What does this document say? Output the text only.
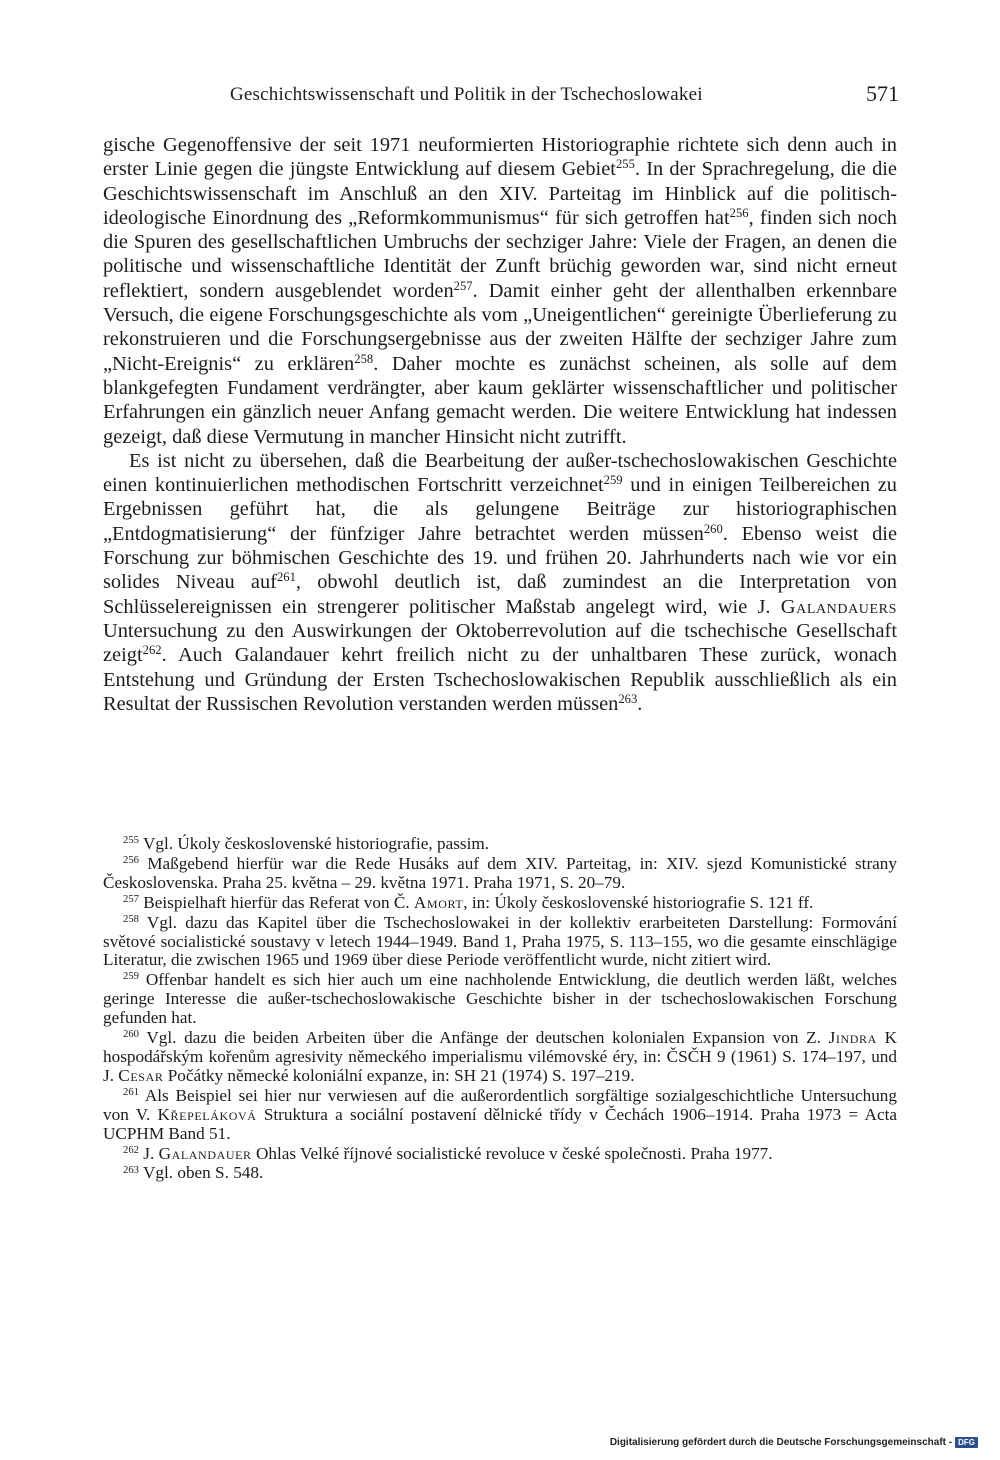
Geschichtswissenschaft und Politik in der Tschechoslowakei	571

gische Gegenoffensive der seit 1971 neuformierten Historiographie richtete sich denn auch in erster Linie gegen die jüngste Entwicklung auf diesem Gebiet$^{255}$. In der Sprachregelung, die die Geschichtswissenschaft im Anschluß an den XIV. Parteitag im Hinblick auf die politisch-ideologische Einordnung des „Reformkommunismus“ für sich getroffen hat$^{256}$, finden sich noch die Spuren des gesellschaftlichen Umbruchs der sechziger Jahre: Viele der Fragen, an denen die politische und wissenschaftliche Identität der Zunft brüchig geworden war, sind nicht erneut reflektiert, sondern ausgeblendet worden$^{257}$. Damit einher geht der allenthalben erkennbare Versuch, die eigene Forschungsgeschichte als vom „Uneigentlichen“ gereinigte Überlieferung zu rekonstruieren und die Forschungsergebnisse aus der zweiten Hälfte der sechziger Jahre zum „Nicht-Ereignis“ zu erklären$^{258}$. Daher mochte es zunächst scheinen, als solle auf dem blankgefegten Fundament verdrängter, aber kaum geklärter wissenschaftlicher und politischer Erfahrungen ein gänzlich neuer Anfang gemacht werden. Die weitere Entwicklung hat indessen gezeigt, daß diese Vermutung in mancher Hinsicht nicht zutrifft.

Es ist nicht zu übersehen, daß die Bearbeitung der außer-tschechoslowakischen Geschichte einen kontinuierlichen methodischen Fortschritt verzeichnet$^{259}$ und in einigen Teilbereichen zu Ergebnissen geführt hat, die als gelungene Beiträge zur historiographischen „Entdogmatisierung“ der fünfziger Jahre betrachtet werden müssen$^{260}$. Ebenso weist die Forschung zur böhmischen Geschichte des 19. und frühen 20. Jahrhunderts nach wie vor ein solides Niveau auf$^{261}$, obwohl deutlich ist, daß zumindest an die Interpretation von Schlüsselereignissen ein strengerer politischer Maßstab angelegt wird, wie J. Galandauers Untersuchung zu den Auswirkungen der Oktoberrevolution auf die tschechische Gesellschaft zeigt$^{262}$. Auch Galandauer kehrt freilich nicht zu der unhaltbaren These zurück, wonach Entstehung und Gründung der Ersten Tschechoslowakischen Republik ausschließlich als ein Resultat der Russischen Revolution verstanden werden müssen$^{263}$.

$^{255}$ Vgl. Úkoly československé historiografie, passim.

$^{256}$ Maßgebend hierfür war die Rede Husáks auf dem XIV. Parteitag, in: XIV. sjezd Komunistické strany Československa. Praha 25. května – 29. května 1971. Praha 1971, S. 20–79.

$^{257}$ Beispielhaft hierfür das Referat von Č. Amort, in: Úkoly československé historiografie S. 121 ff.

$^{258}$ Vgl. dazu das Kapitel über die Tschechoslowakei in der kollektiv erarbeiteten Darstellung: Formování světové socialistické soustavy v letech 1944–1949. Band 1, Praha 1975, S. 113–155, wo die gesamte einschlägige Literatur, die zwischen 1965 und 1969 über diese Periode veröffentlicht wurde, nicht zitiert wird.

$^{259}$ Offenbar handelt es sich hier auch um eine nachholende Entwicklung, die deutlich werden läßt, welches geringe Interesse die außer-tschechoslowakische Geschichte bisher in der tschechoslowakischen Forschung gefunden hat.

$^{260}$ Vgl. dazu die beiden Arbeiten über die Anfänge der deutschen kolonialen Expansion von Z. Jindra K hospodářským kořenům agresivity německého imperialismu vilémovské éry, in: ČSČH 9 (1961) S. 174–197, und J. Cesar Počátky německé koloniální expanze, in: SH 21 (1974) S. 197–219.

$^{261}$ Als Beispiel sei hier nur verwiesen auf die außerordentlich sorgfältige sozialgeschichtliche Untersuchung von V. Křepeláková Struktura a sociální postavení dělnické třídy v Čechách 1906–1914. Praha 1973 = Acta UCPHM Band 51.

$^{262}$ J. Galandauer Ohlas Velké říjnové socialistické revoluce v české společnosti. Praha 1977.

$^{263}$ Vgl. oben S. 548.

Digitalisierung gefördert durch die Deutsche Forschungsgemeinschaft - DFG
